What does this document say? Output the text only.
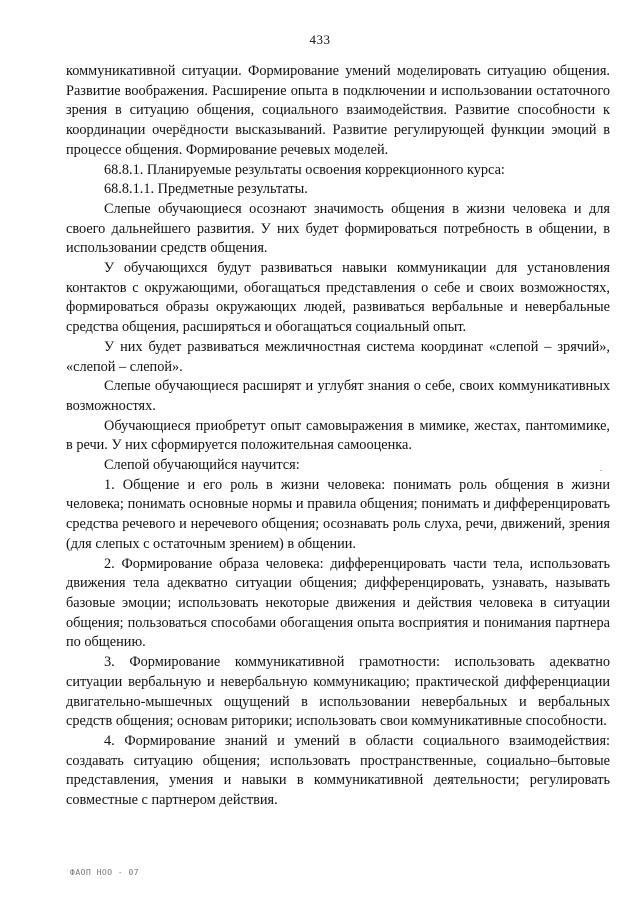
433

коммуникативной ситуации. Формирование умений моделировать ситуацию общения. Развитие воображения. Расширение опыта в подключении и использовании остаточного зрения в ситуацию общения, социального взаимодействия. Развитие способности к координации очерёдности высказываний. Развитие регулирующей функции эмоций в процессе общения. Формирование речевых моделей.

68.8.1. Планируемые результаты освоения коррекционного курса:

68.8.1.1. Предметные результаты.

Слепые обучающиеся осознают значимость общения в жизни человека и для своего дальнейшего развития. У них будет формироваться потребность в общении, в использовании средств общения.

У обучающихся будут развиваться навыки коммуникации для установления контактов с окружающими, обогащаться представления о себе и своих возможностях, формироваться образы окружающих людей, развиваться вербальные и невербальные средства общения, расширяться и обогащаться социальный опыт.

У них будет развиваться межличностная система координат «слепой – зрячий», «слепой – слепой».

Слепые обучающиеся расширят и углубят знания о себе, своих коммуникативных возможностях.

Обучающиеся приобретут опыт самовыражения в мимике, жестах, пантомимике, в речи. У них сформируется положительная самооценка.

Слепой обучающийся научится:

1. Общение и его роль в жизни человека: понимать роль общения в жизни человека; понимать основные нормы и правила общения; понимать и дифференцировать средства речевого и неречевого общения; осознавать роль слуха, речи, движений, зрения (для слепых с остаточным зрением) в общении.

2. Формирование образа человека: дифференцировать части тела, использовать движения тела адекватно ситуации общения; дифференцировать, узнавать, называть базовые эмоции; использовать некоторые движения и действия человека в ситуации общения; пользоваться способами обогащения опыта восприятия и понимания партнера по общению.

3. Формирование коммуникативной грамотности: использовать адекватно ситуации вербальную и невербальную коммуникацию; практической дифференциации двигательно-мышечных ощущений в использовании невербальных и вербальных средств общения; основам риторики; использовать свои коммуникативные способности.

4. Формирование знаний и умений в области социального взаимодействия: создавать ситуацию общения; использовать пространственные, социально–бытовые представления, умения и навыки в коммуникативной деятельности; регулировать совместные с партнером действия.

ФАОП НОО - 07
